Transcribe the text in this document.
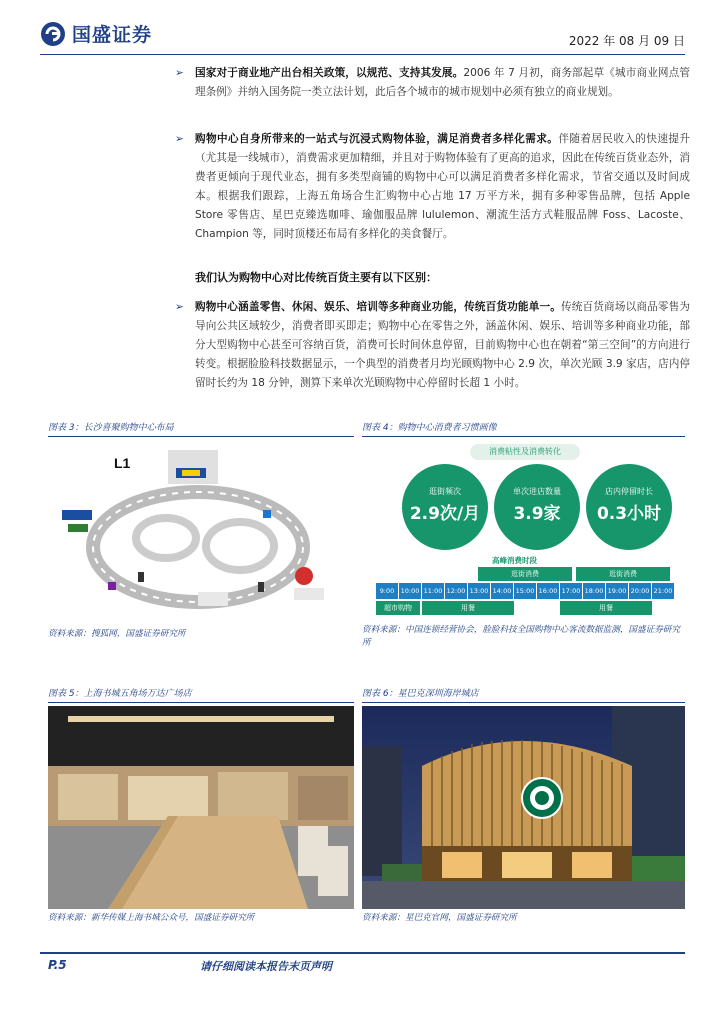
国盛证券	2022 年 08 月 09 日
➢ 国家对于商业地产出台相关政策，以规范、支持其发展。2006 年 7 月初，商务部起草《城市商业网点管理条例》并纳入国务院一类立法计划，此后各个城市的城市规划中必须有独立的商业规划。
➢ 购物中心自身所带来的一站式与沉浸式购物体验，满足消费者多样化需求。伴随着居民收入的快速提升（尤其是一线城市），消费需求更加精细，并且对于购物体验有了更高的追求，因此在传统百货业态外，消费者更倾向于现代业态，拥有多类型商铺的购物中心可以满足消费者多样化需求，节省交通以及时间成本。根据我们跟踪，上海五角场合生汇购物中心占地 17 万平方米，拥有多种零售品牌，包括 Apple Store 零售店、星巴克臻选咖啡、瑜伽服品牌 lululemon、潮流生活方式鞋服品牌 Foss、Lacoste、Champion 等，同时顶楼还布局有多样化的美食餐厅。
我们认为购物中心对比传统百货主要有以下区别：
➢ 购物中心涵盖零售、休闲、娱乐、培训等多种商业功能，传统百货功能单一。传统百货商场以商品零售为导向公共区域较少，消费者即买即走；购物中心在零售之外，涵盖休闲、娱乐、培训等多种商业功能，部分大型购物中心甚至可容纳百货，消费可长时间休息停留，目前购物中心也在朝着“第三空间”的方向进行转变。根据脸脸科技数据显示，一个典型的消费者月均光顾购物中心 2.9 次，单次光顾 3.9 家店，店内停留时长约为 18 分钟，测算下来单次光顾购物中心停留时长超 1 小时。
图表 3：长沙喜聚购物中心布局
L1
资料来源：搜狐网，国盛证券研究所
图表 4：购物中心消费者习惯画像
消费粘性及消费转化
逛街频次
2.9次/月
单次进店数量
3.9家
店内停留时长
0.3小时
高峰消费时段
逛街消费	逛街消费
9:00 10:00 11:00 12:00 13:00 14:00 15:00 16:00 17:00 18:00 19:00 20:00 21:00
超市购物	用餐	用餐
资料来源：中国连锁经营协会，脸脸科技全国购物中心客流数据监测，国盛证券研究所
图表 5：上海书城五角场万达广场店
资料来源：新华传媒上海书城公众号，国盛证券研究所
图表 6：星巴克深圳海岸城店
资料来源：星巴克官网，国盛证券研究所
P.5	请仔细阅读本报告末页声明
